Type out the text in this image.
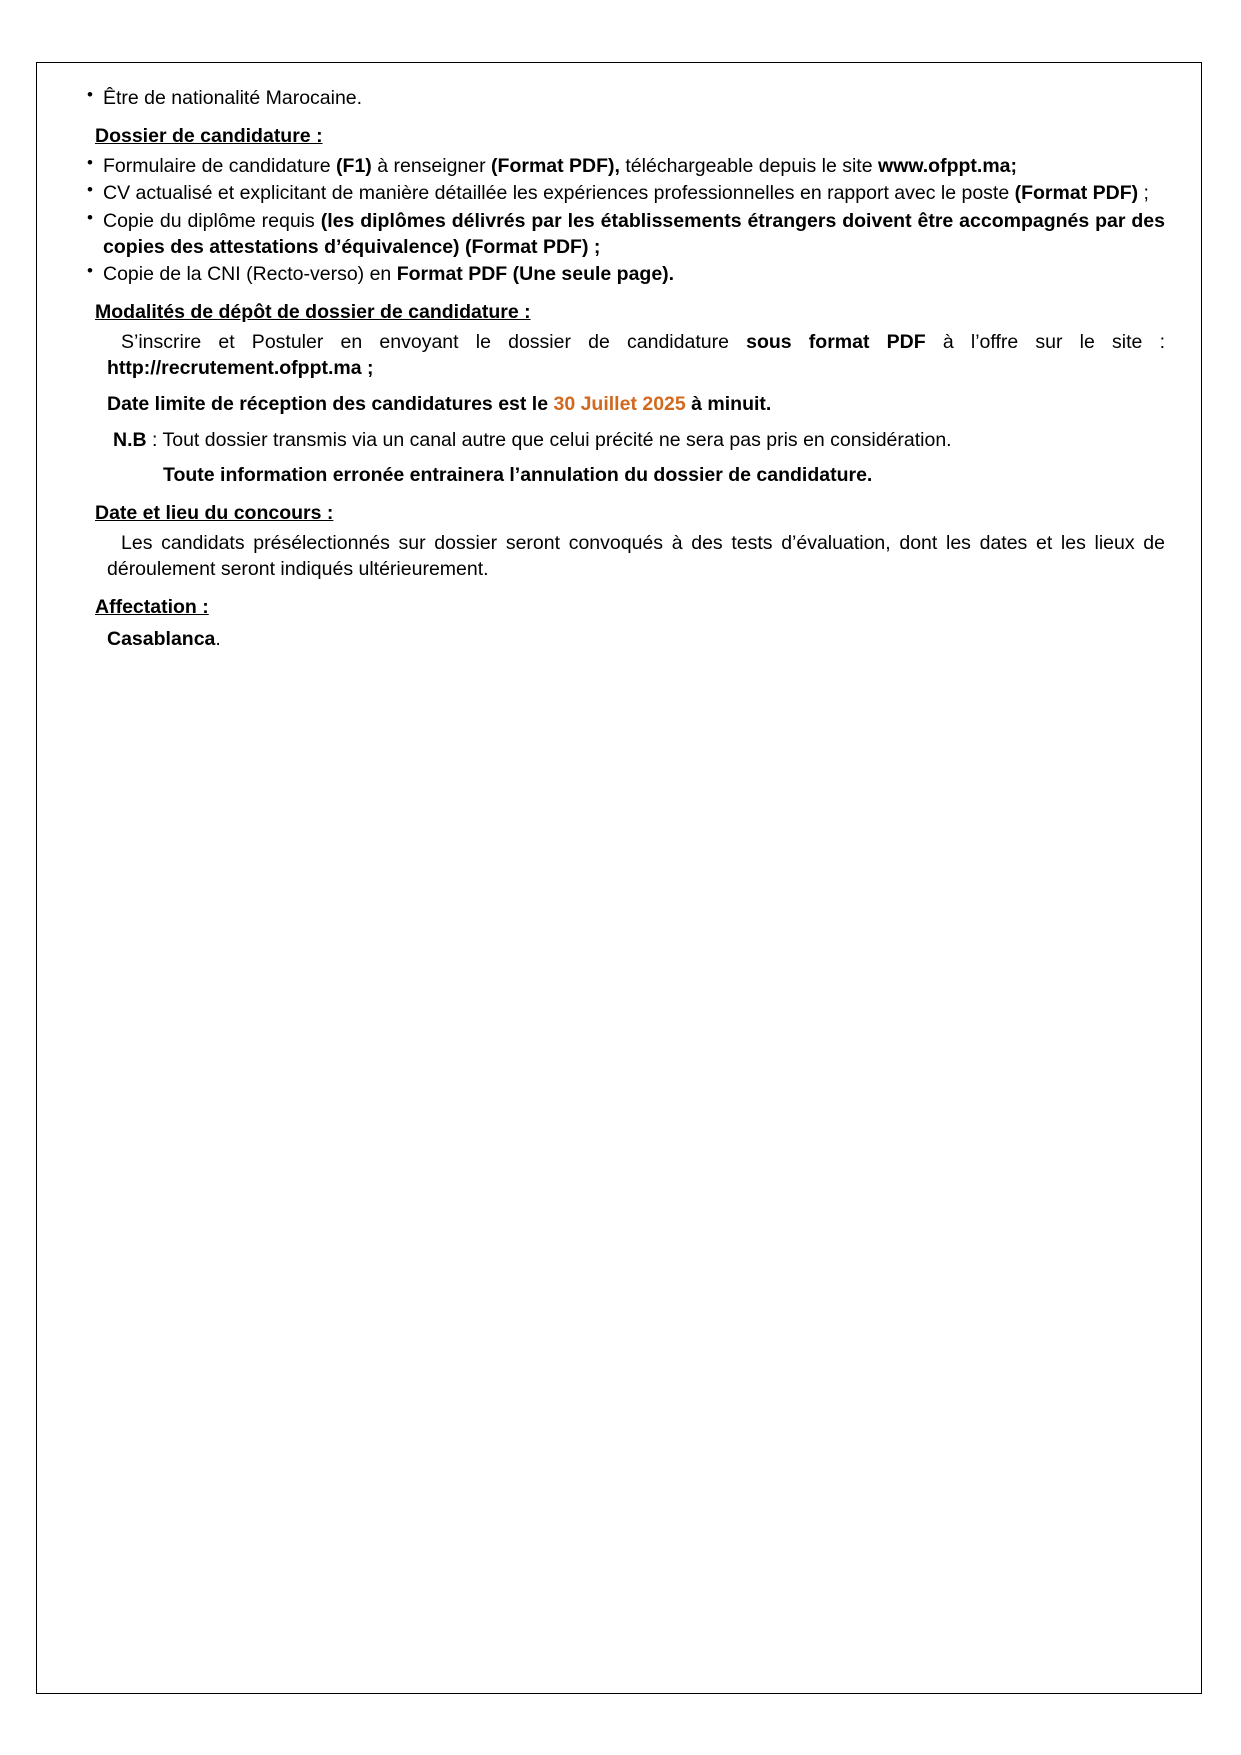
• Être de nationalité Marocaine.
Dossier de candidature :
• Formulaire de candidature (F1) à renseigner (Format PDF), téléchargeable depuis le site www.ofppt.ma;
• CV actualisé et explicitant de manière détaillée les expériences professionnelles en rapport avec le poste (Format PDF) ;
• Copie du diplôme requis (les diplômes délivrés par les établissements étrangers doivent être accompagnés par des copies des attestations d’équivalence) (Format PDF) ;
• Copie de la CNI (Recto-verso) en Format PDF (Une seule page).
Modalités de dépôt de dossier de candidature :
S’inscrire et Postuler en envoyant le dossier de candidature sous format PDF à l’offre sur le site : http://recrutement.ofppt.ma ;
Date limite de réception des candidatures est le 30 Juillet 2025 à minuit.
N.B : Tout dossier transmis via un canal autre que celui précité ne sera pas pris en considération.
Toute information erronée entrainera l’annulation du dossier de candidature.
Date et lieu du concours :
Les candidats présélectionnés sur dossier seront convoqués à des tests d’évaluation, dont les dates et les lieux de déroulement seront indiqués ultérieurement.
Affectation :
Casablanca.
